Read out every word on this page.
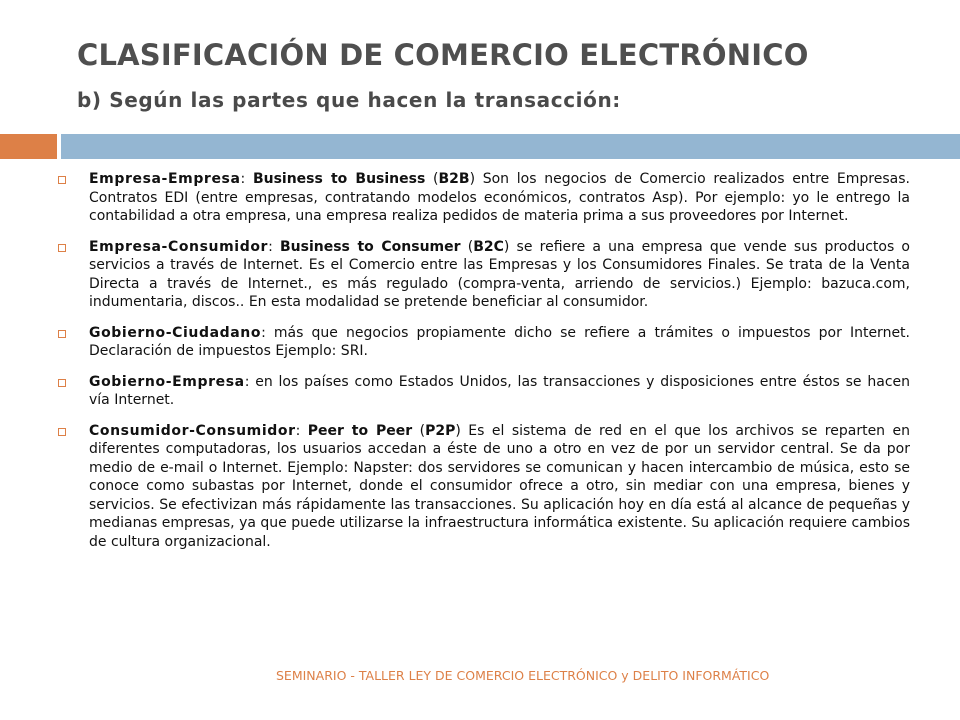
CLASIFICACIÓN DE COMERCIO ELECTRÓNICO
b) Según las partes que hacen la transacción:

Empresa-Empresa: Business to Business (B2B) Son los negocios de Comercio realizados entre Empresas. Contratos EDI (entre empresas, contratando modelos económicos, contratos Asp). Por ejemplo: yo le entrego la contabilidad a otra empresa, una empresa realiza pedidos de materia prima a sus proveedores por Internet.

Empresa-Consumidor: Business to Consumer (B2C) se refiere a una empresa que vende sus productos o servicios a través de Internet. Es el Comercio entre las Empresas y los Consumidores Finales. Se trata de la Venta Directa a través de Internet., es más regulado (compra-venta, arriendo de servicios.) Ejemplo: bazuca.com, indumentaria, discos.. En esta modalidad se pretende beneficiar al consumidor.

Gobierno-Ciudadano: más que negocios propiamente dicho se refiere a trámites o impuestos por Internet. Declaración de impuestos Ejemplo: SRI.

Gobierno-Empresa: en los países como Estados Unidos, las transacciones y disposiciones entre éstos se hacen vía Internet.

Consumidor-Consumidor: Peer to Peer (P2P) Es el sistema de red en el que los archivos se reparten en diferentes computadoras, los usuarios accedan a éste de uno a otro en vez de por un servidor central. Se da por medio de e-mail o Internet. Ejemplo: Napster: dos servidores se comunican y hacen intercambio de música, esto se conoce como subastas por Internet, donde el consumidor ofrece a otro, sin mediar con una empresa, bienes y servicios. Se efectivizan más rápidamente las transacciones. Su aplicación hoy en día está al alcance de pequeñas y medianas empresas, ya que puede utilizarse la infraestructura informática existente. Su aplicación requiere cambios de cultura organizacional.

SEMINARIO - TALLER LEY DE COMERCIO ELECTRÓNICO y DELITO INFORMÁTICO
